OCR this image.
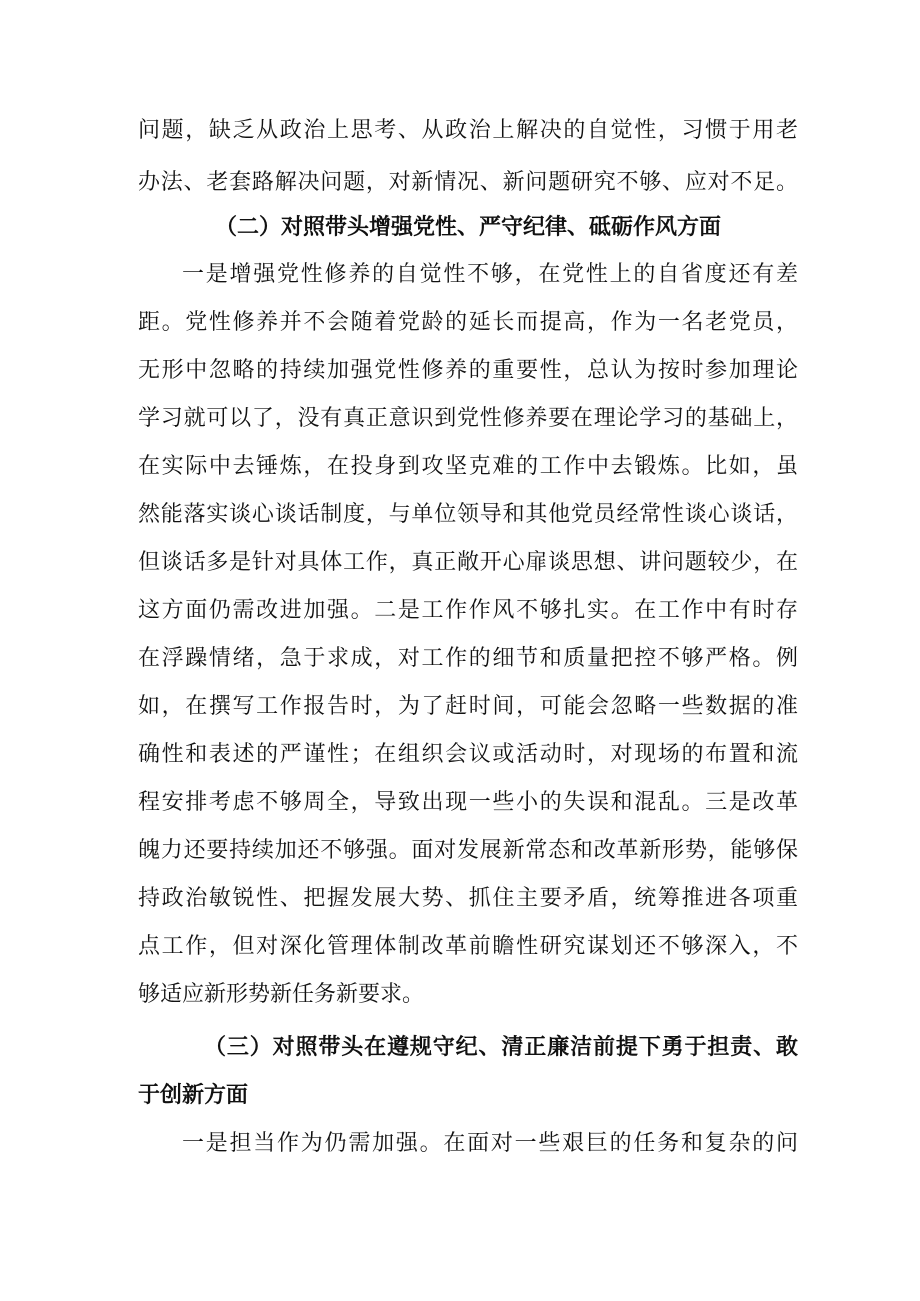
问题，缺乏从政治上思考、从政治上解决的自觉性，习惯于用老
办法、老套路解决问题，对新情况、新问题研究不够、应对不足。
（二）对照带头增强党性、严守纪律、砥砺作风方面
一是增强党性修养的自觉性不够，在党性上的自省度还有差
距。党性修养并不会随着党龄的延长而提高，作为一名老党员，
无形中忽略的持续加强党性修养的重要性，总认为按时参加理论
学习就可以了，没有真正意识到党性修养要在理论学习的基础上，
在实际中去锤炼，在投身到攻坚克难的工作中去锻炼。比如，虽
然能落实谈心谈话制度，与单位领导和其他党员经常性谈心谈话，
但谈话多是针对具体工作，真正敞开心扉谈思想、讲问题较少，在
这方面仍需改进加强。二是工作作风不够扎实。在工作中有时存
在浮躁情绪，急于求成，对工作的细节和质量把控不够严格。例
如，在撰写工作报告时，为了赶时间，可能会忽略一些数据的准
确性和表述的严谨性；在组织会议或活动时，对现场的布置和流
程安排考虑不够周全，导致出现一些小的失误和混乱。三是改革
魄力还要持续加还不够强。面对发展新常态和改革新形势，能够保
持政治敏锐性、把握发展大势、抓住主要矛盾，统筹推进各项重
点工作，但对深化管理体制改革前瞻性研究谋划还不够深入，不
够适应新形势新任务新要求。
（三）对照带头在遵规守纪、清正廉洁前提下勇于担责、敢
于创新方面
一是担当作为仍需加强。在面对一些艰巨的任务和复杂的问
